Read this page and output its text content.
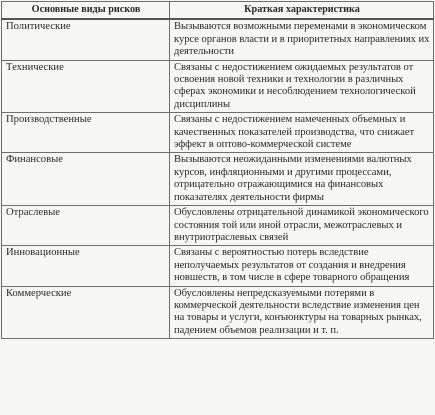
Основные виды рисков	Краткая характеристика
Политические	Вызываются возможными переменами в экономическом курсе органов власти и в приоритетных направлениях их деятельности
Технические	Связаны с недостижением ожидаемых результатов от освоения новой техники и технологии в различных сферах экономики и несоблюдением технологической дисциплины
Производственные	Связаны с недостижением намеченных объемных и качественных показателей производства, что снижает эффект в оптово-коммерческой системе
Финансовые	Вызываются неожиданными изменениями валютных курсов, инфляционными и другими процессами, отрицательно отражающимися на финансовых показателях деятельности фирмы
Отраслевые	Обусловлены отрицательной динамикой экономического состояния той или иной отрасли, межотраслевых и внутриотраслевых связей
Инновационные	Связаны с вероятностью потерь вследствие неполучаемых результатов от создания и внедрения новшеств, в том числе в сфере товарного обращения
Коммерческие	Обусловлены непредсказуемыми потерями в коммерческой деятельности вследствие изменения цен на товары и услуги, конъюнктуры на товарных рынках, падением объемов реализации и т. п.
